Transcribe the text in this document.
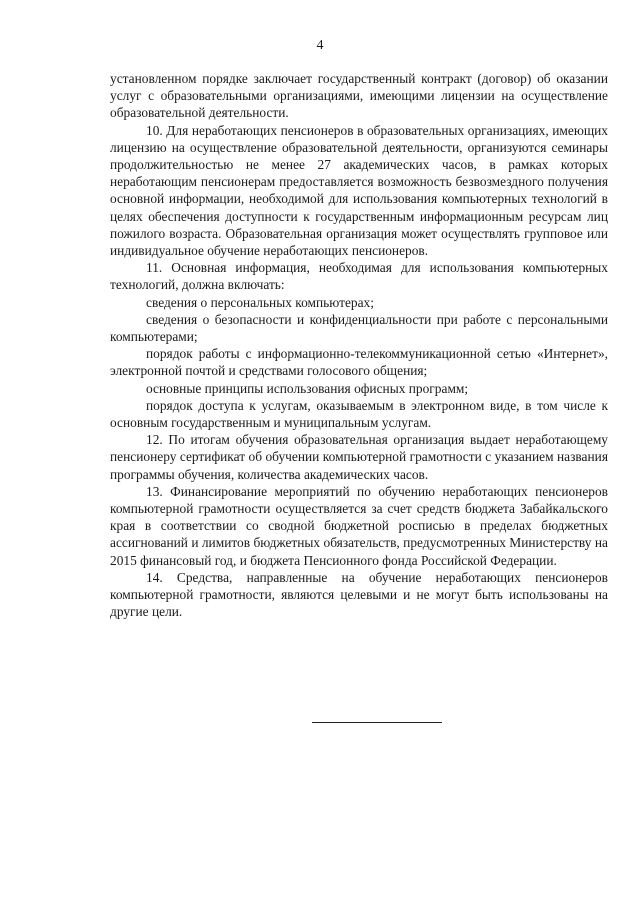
4

установленном порядке заключает государственный контракт (договор) об оказании услуг с образовательными организациями, имеющими лицензии на осуществление образовательной деятельности.

10. Для неработающих пенсионеров в образовательных организациях, имеющих лицензию на осуществление образовательной деятельности, организуются семинары продолжительностью не менее 27 академических часов, в рамках которых неработающим пенсионерам предоставляется возможность безвозмездного получения основной информации, необходимой для использования компьютерных технологий в целях обеспечения доступности к государственным информационным ресурсам лиц пожилого возраста. Образовательная организация может осуществлять групповое или индивидуальное обучение неработающих пенсионеров.

11. Основная информация, необходимая для использования компьютерных технологий, должна включать:

сведения о персональных компьютерах;

сведения о безопасности и конфиденциальности при работе с персональными компьютерами;

порядок работы с информационно-телекоммуникационной сетью «Интернет», электронной почтой и средствами голосового общения;

основные принципы использования офисных программ;

порядок доступа к услугам, оказываемым в электронном виде, в том числе к основным государственным и муниципальным услугам.

12. По итогам обучения образовательная организация выдает неработающему пенсионеру сертификат об обучении компьютерной грамотности с указанием названия программы обучения, количества академических часов.

13. Финансирование мероприятий по обучению неработающих пенсионеров компьютерной грамотности осуществляется за счет средств бюджета Забайкальского края в соответствии со сводной бюджетной росписью в пределах бюджетных ассигнований и лимитов бюджетных обязательств, предусмотренных Министерству на 2015 финансовый год, и бюджета Пенсионного фонда Российской Федерации.

14. Средства, направленные на обучение неработающих пенсионеров компьютерной грамотности, являются целевыми и не могут быть использованы на другие цели.
